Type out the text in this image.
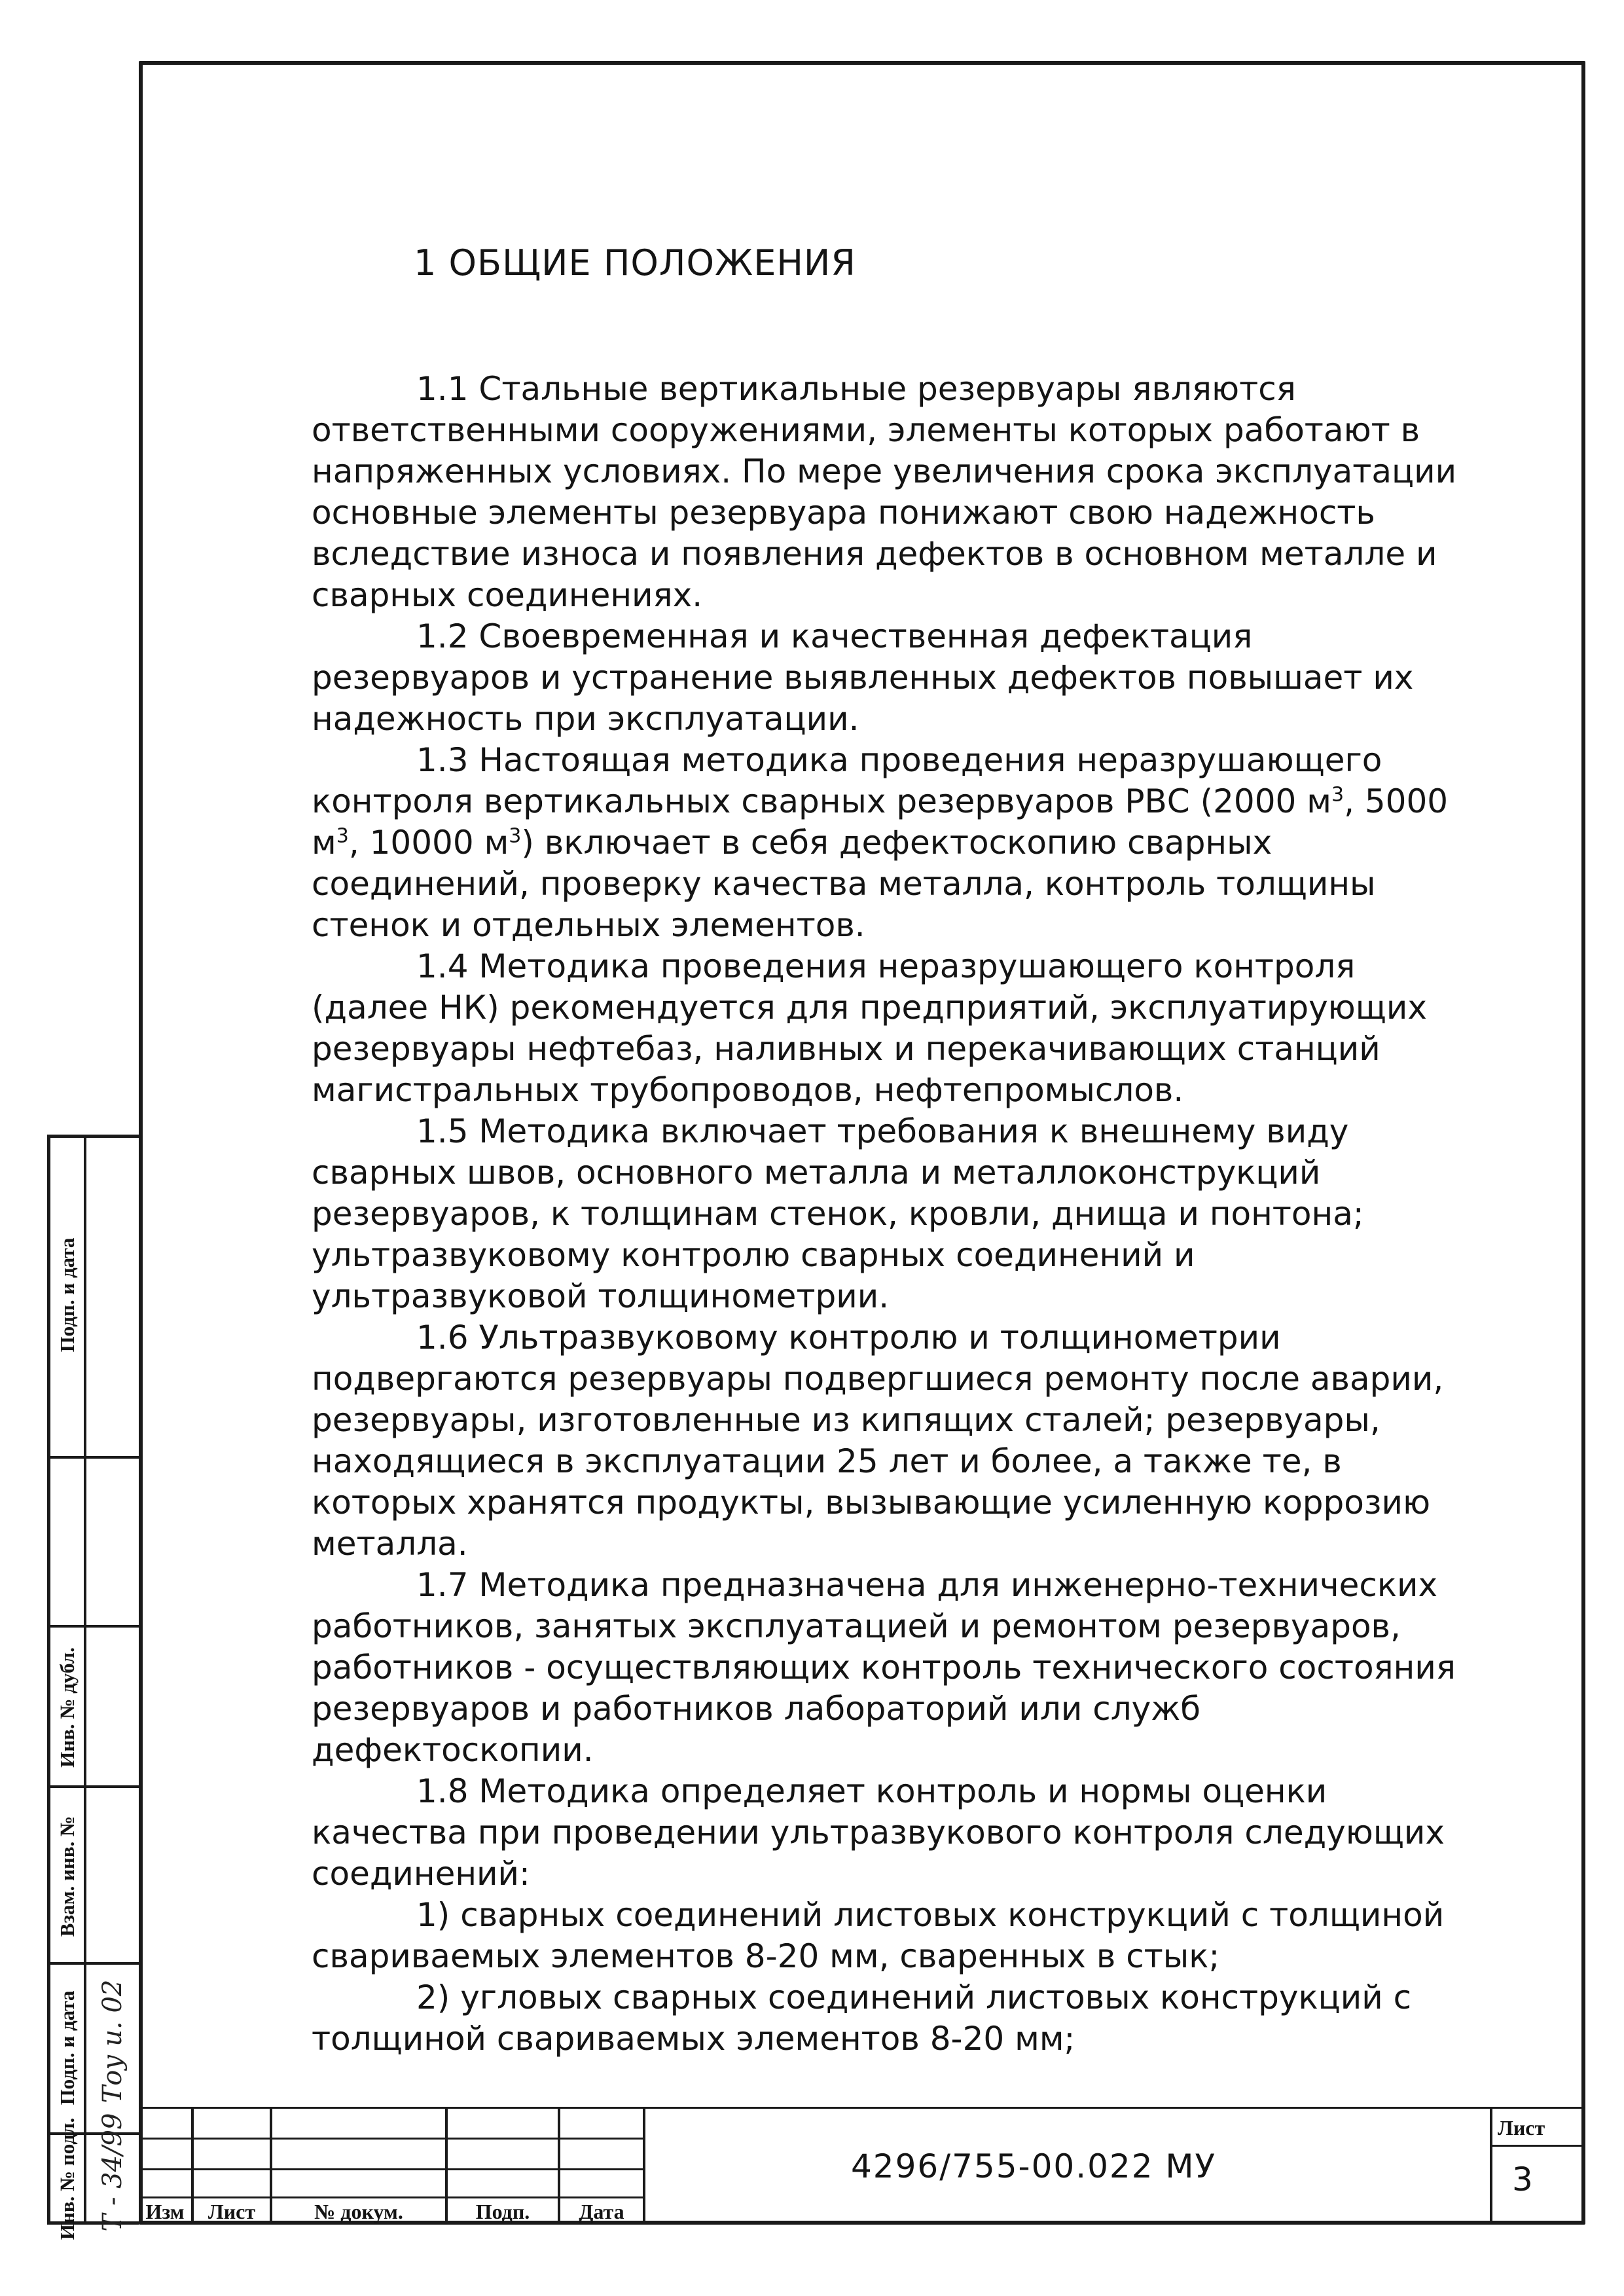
1 ОБЩИЕ ПОЛОЖЕНИЯ

1.1 Стальные вертикальные резервуары являются ответственными сооружениями, элементы которых работают в напряженных условиях. По мере увеличения срока эксплуатации основные элементы резервуара понижают свою надежность вследствие износа и появления дефектов в основном металле и сварных соединениях.

1.2 Своевременная и качественная дефектация резервуаров и устранение выявленных дефектов повышает их надежность при эксплуатации.

1.3 Настоящая методика проведения неразрушающего контроля вертикальных сварных резервуаров РВС (2000 $м^3$, 5000 $м^3$, 10000 $м^3$) включает в себя дефектоскопию сварных соединений, проверку качества металла, контроль толщины стенок и отдельных элементов.

1.4 Методика проведения неразрушающего контроля (далее НК) рекомендуется для предприятий, эксплуатирующих резервуары нефтебаз, наливных и перекачивающих станций магистральных трубопроводов, нефтепромыслов.

1.5 Методика включает требования к внешнему виду сварных швов, основного металла и металлоконструкций резервуаров, к толщинам стенок, кровли, днища и понтона; ультразвуковому контролю сварных соединений и ультразвуковой толщинометрии.

1.6 Ультразвуковому контролю и толщинометрии подвергаются резервуары подвергшиеся ремонту после аварии, резервуары, изготовленные из кипящих сталей; резервуары, находящиеся в эксплуатации 25 лет и более, а также те, в которых хранятся продукты, вызывающие усиленную коррозию металла.

1.7 Методика предназначена для инженерно-технических работников, занятых эксплуатацией и ремонтом резервуаров, работников - осуществляющих контроль технического состояния резервуаров и работников лабораторий или служб дефектоскопии.

1.8 Методика определяет контроль и нормы оценки качества при проведении ультразвукового контроля следующих соединений:

1) сварных соединений листовых конструкций с толщиной свариваемых элементов 8-20 мм, сваренных в стык;

2) угловых сварных соединений листовых конструкций с толщиной свариваемых элементов 8-20 мм;

Инв. № подл.
Подп. и дата
Взам. инв. №
Инв. № дубл.
Подп. и дата
Т - 34/99
Тоу и. 02
Изм	Лист	№ докум.	Подп.	Дата
4296/755-00.022 МУ
Лист
3
